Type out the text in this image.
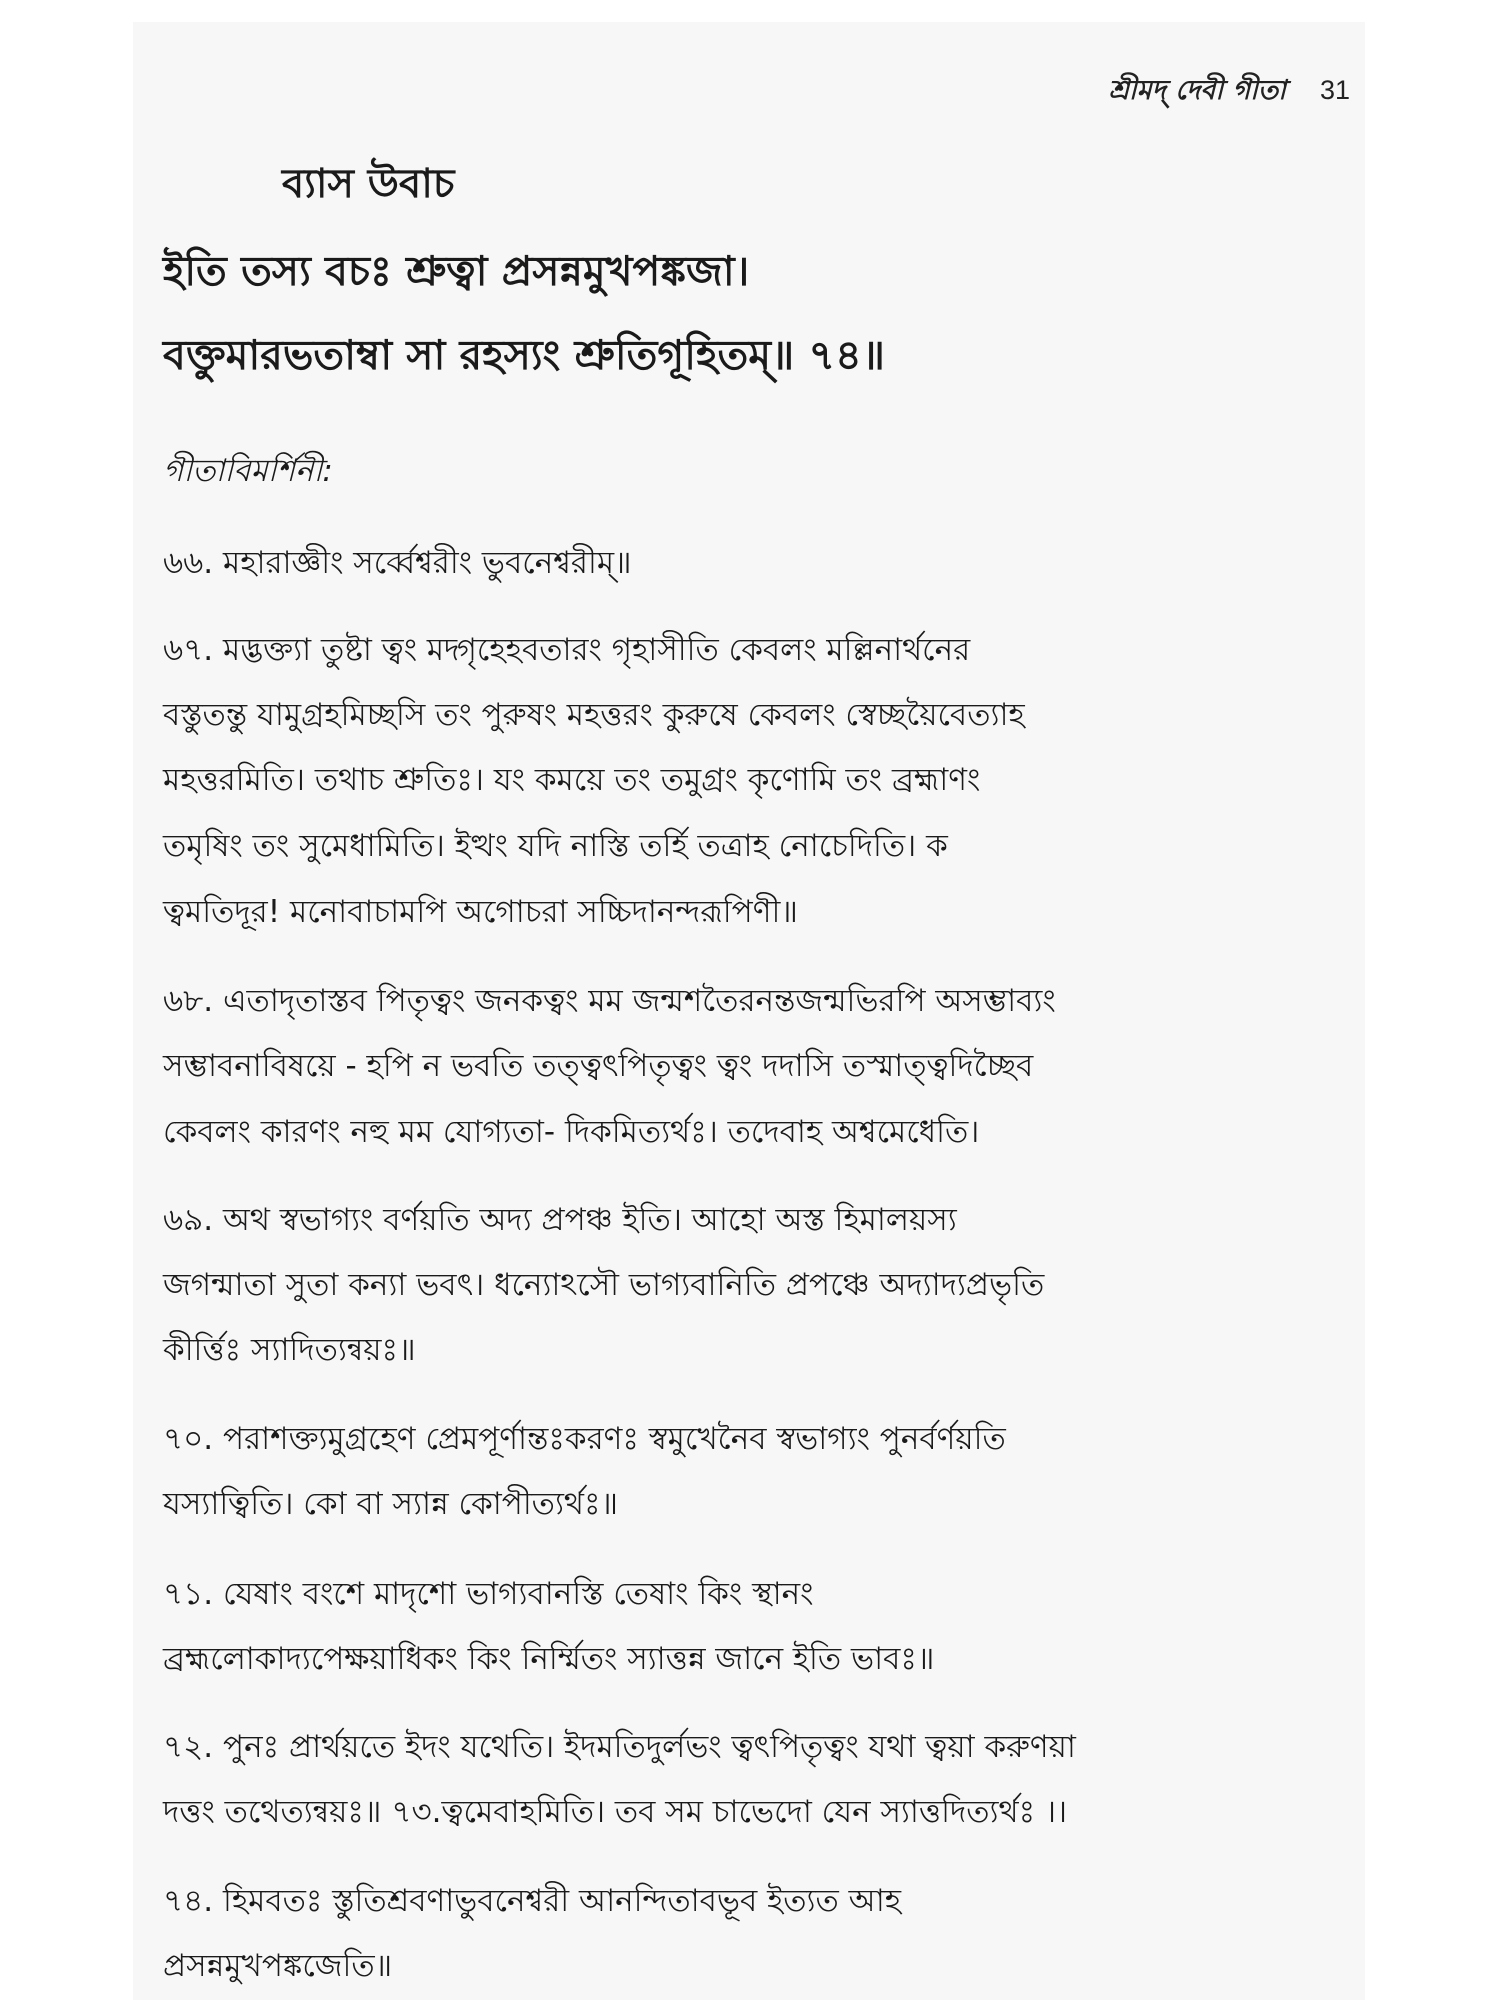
শ্রীমদ্ দেবী গীতা 31
ব্যাস উবাচ
ইতি তস্য বচঃ শ্রুত্বা প্রসন্নমুখপঙ্কজা।
বক্তুমারভতাম্বা সা রহস্যং শ্রুতিগূহিতম্॥ ৭৪॥
গীতাবিমর্শিনী:
৬৬. মহারাজ্ঞীং সর্ব্বেশ্বরীং ভুবনেশ্বরীম্॥
৬৭. মদ্ভক্ত্যা তুষ্টা ত্বং মদ্গৃহেহবতারং গৃহাসীতি কেবলং মল্লিনার্থনের
বস্তুতন্তু যামুগ্রহমিচ্ছসি তং পুরুষং মহত্তরং কুরুষে কেবলং স্বেচ্ছয়ৈবেত্যাহ
মহত্তরমিতি। তথাচ শ্রুতিঃ। যং কময়ে তং তমুগ্রং কৃণোমি তং ব্রহ্মাণং
তমৃষিং তং সুমেধামিতি। ইত্থং যদি নাস্তি তর্হি তত্রাহ নোচেদিতি। ক
ত্বমতিদূর! মনোবাচামপি অগোচরা সচ্চিদানন্দরূপিণী॥
৬৮. এতাদৃতাস্তব পিতৃত্বং জনকত্বং মম জন্মশতৈরনন্তজন্মভিরপি অসম্ভাব্যং
সম্ভাবনাবিষয়ে - হপি ন ভবতি তত্ত্বৎপিতৃত্বং ত্বং দদাসি তস্মাত্ত্বদিচ্ছৈব
কেবলং কারণং নহু মম যোগ্যতা- দিকমিত্যর্থঃ। তদেবাহ অশ্বমেধেতি।
৬৯. অথ স্বভাগ্যং বর্ণয়তি অদ্য প্রপঞ্চ ইতি। আহো অস্ত হিমালয়স্য
জগন্মাতা সুতা কন্যা ভবৎ। ধন্যোঽসৌ ভাগ্যবানিতি প্রপঞ্চে অদ্যাদ্যপ্রভৃতি
কীর্ত্তিঃ স্যাদিত্যন্বয়ঃ॥
৭০. পরাশক্ত্যমুগ্রহেণ প্রেমপূর্ণান্তঃকরণঃ স্বমুখেনৈব স্বভাগ্যং পুনর্বর্ণয়তি
যস্যাত্বিতি। কো বা স্যান্ন কোপীত্যর্থঃ॥
৭১. যেষাং বংশে মাদৃশো ভাগ্যবানস্তি তেষাং কিং স্থানং
ব্রহ্মলোকাদ্যপেক্ষয়াধিকং কিং নির্ম্মিতং স্যাত্তন্ন জানে ইতি ভাবঃ॥
৭২. পুনঃ প্রার্থয়তে ইদং যথেতি। ইদমতিদুর্লভং ত্বৎপিতৃত্বং যথা ত্বয়া করুণয়া
দত্তং তথেত্যন্বয়ঃ॥ ৭৩.ত্বমেবাহমিতি। তব সম চাভেদো যেন স্যাত্তদিত্যর্থঃ ।।
৭৪. হিমবতঃ স্তুতিশ্রবণাভুবনেশ্বরী আনন্দিতাবভূব ইত্যত আহ
প্রসন্নমুখপঙ্কজেতি॥
